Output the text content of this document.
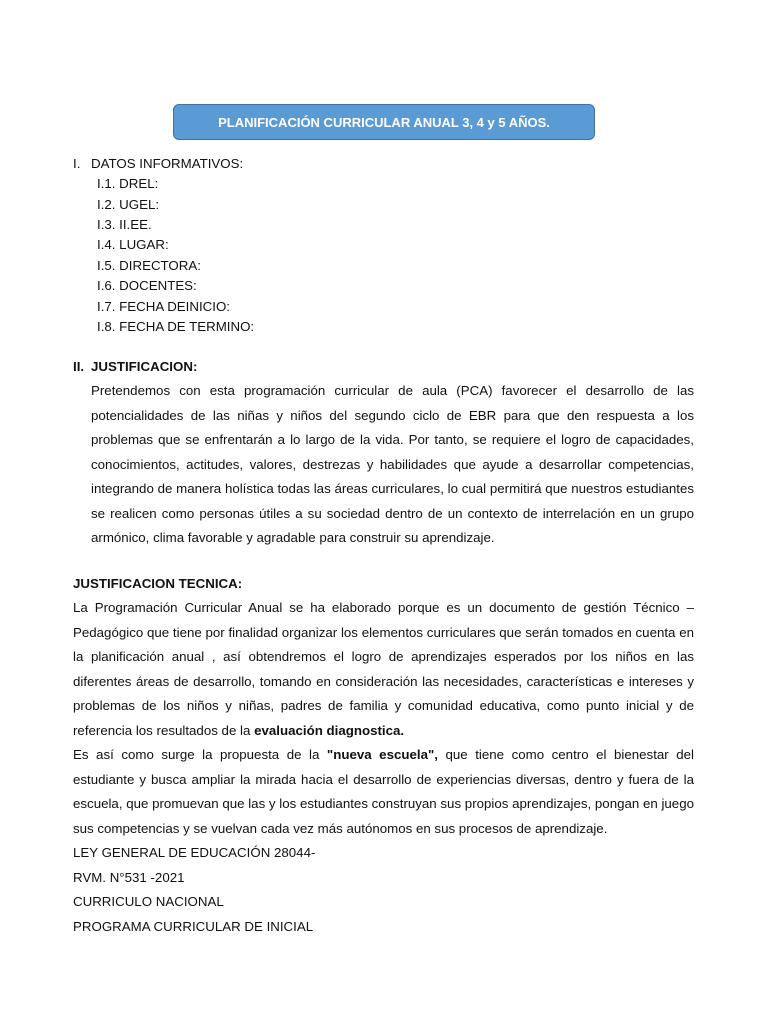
PLANIFICACIÓN CURRICULAR ANUAL 3, 4 y 5 AÑOS.
I. DATOS INFORMATIVOS:
I.1. DREL:
I.2. UGEL:
I.3. II.EE.
I.4. LUGAR:
I.5. DIRECTORA:
I.6. DOCENTES:
I.7. FECHA DEINICIO:
I.8. FECHA DE TERMINO:
II. JUSTIFICACION:

Pretendemos con esta programación curricular de aula (PCA) favorecer el desarrollo de las potencialidades de las niñas y niños del segundo ciclo de EBR para que den respuesta a los problemas que se enfrentarán a lo largo de la vida. Por tanto, se requiere el logro de capacidades, conocimientos, actitudes, valores, destrezas y habilidades que ayude a desarrollar competencias, integrando de manera holística todas las áreas curriculares, lo cual permitirá que nuestros estudiantes se realicen como personas útiles a su sociedad dentro de un contexto de interrelación en un grupo armónico, clima favorable y agradable para construir su aprendizaje.

JUSTIFICACION TECNICA:

La Programación Curricular Anual se ha elaborado porque es un documento de gestión Técnico – Pedagógico que tiene por finalidad organizar los elementos curriculares que serán tomados en cuenta en la planificación anual , así obtendremos el logro de aprendizajes esperados por los niños en las diferentes áreas de desarrollo, tomando en consideración las necesidades, características e intereses y problemas de los niños y niñas, padres de familia y comunidad educativa, como punto inicial y de referencia los resultados de la evaluación diagnostica.

Es así como surge la propuesta de la "nueva escuela", que tiene como centro el bienestar del estudiante y busca ampliar la mirada hacia el desarrollo de experiencias diversas, dentro y fuera de la escuela, que promuevan que las y los estudiantes construyan sus propios aprendizajes, pongan en juego sus competencias y se vuelvan cada vez más autónomos en sus procesos de aprendizaje.

LEY GENERAL DE EDUCACIÓN 28044-

RVM. N°531 -2021

CURRICULO NACIONAL

PROGRAMA CURRICULAR DE INICIAL
